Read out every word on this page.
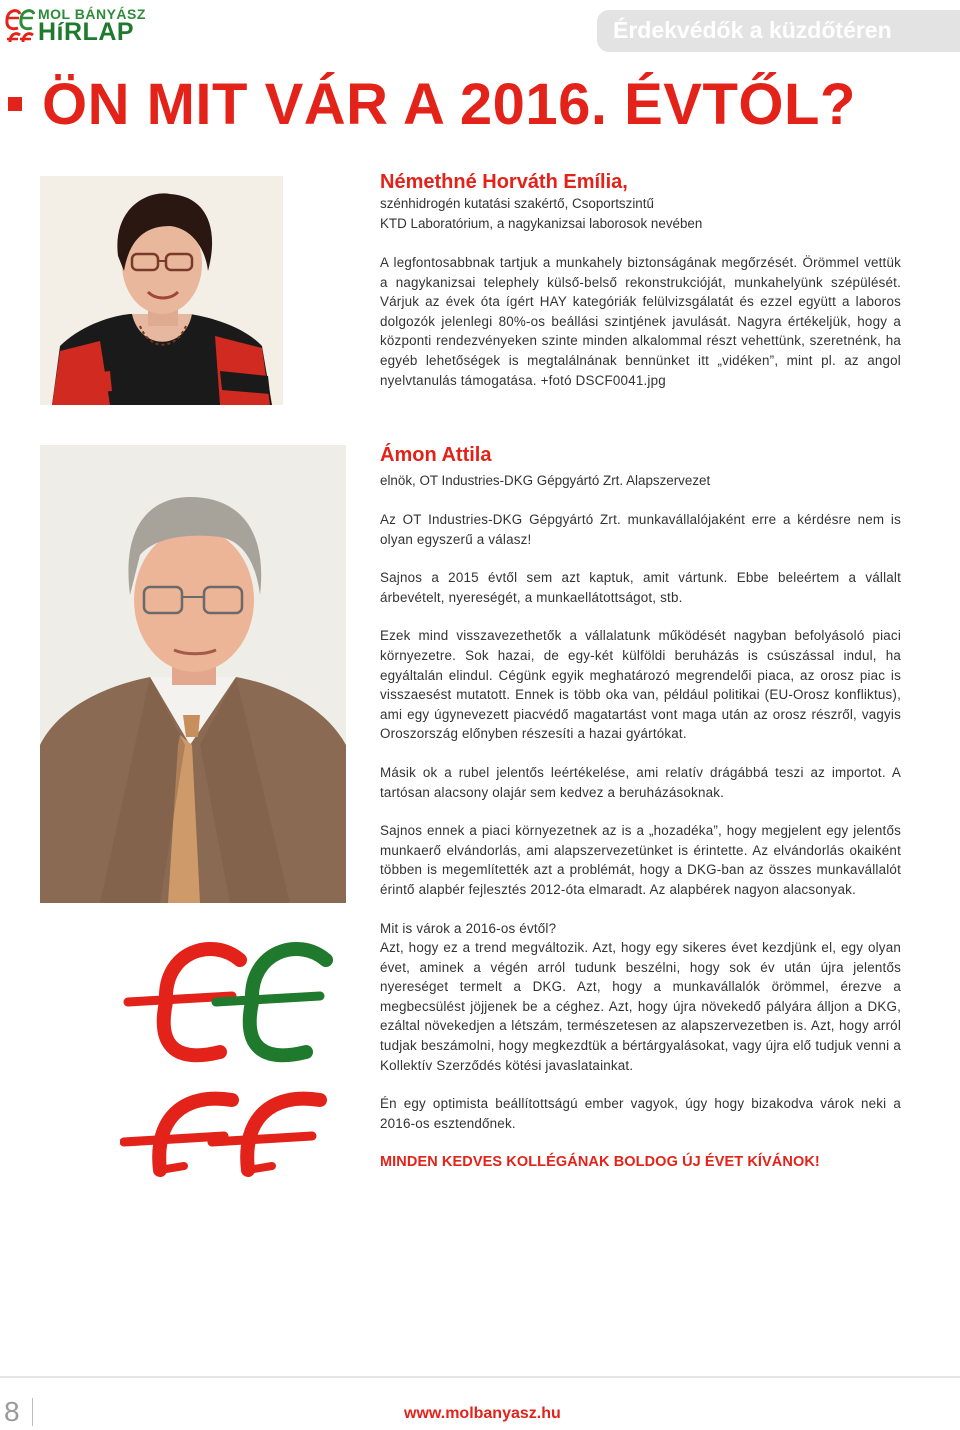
MOL BÁNYÁSZ
HíRLAP	Érdekvédők a küzdőtéren
ÖN MIT VÁR A 2016. ÉVTŐL?
Némethné Horváth Emília,
szénhidrogén kutatási szakértő, Csoportszintű
KTD Laboratórium, a nagykanizsai laborosok nevében

A legfontosabbnak tartjuk a munkahely biztonságának megőrzését. Örömmel vettük a nagykanizsai telephely külső-belső rekonstrukcióját, munkahelyünk szépülését. Várjuk az évek óta ígért HAY kategóriák felülvizsgálatát és ezzel együtt a laboros dolgozók jelenlegi 80%-os beállási szintjének javulását. Nagyra értékeljük, hogy a központi rendezvényeken szinte minden alkalommal részt vehettünk, szeretnénk, ha egyéb lehetőségek is megtalálnának bennünket itt „vidéken”, mint pl. az angol nyelvtanulás támogatása. +fotó DSCF0041.jpg

Ámon Attila
elnök, OT Industries-DKG Gépgyártó Zrt. Alapszervezet

Az OT Industries-DKG Gépgyártó Zrt. munkavállalójaként erre a kérdésre nem is olyan egyszerű a válasz!

Sajnos a 2015 évtől sem azt kaptuk, amit vártunk. Ebbe beleértem a vállalt árbevételt, nyereségét, a munkaellátottságot, stb.

Ezek mind visszavezethetők a vállalatunk működését nagyban befolyásoló piaci környezetre. Sok hazai, de egy-két külföldi beruházás is csúszással indul, ha egyáltalán elindul. Cégünk egyik meghatározó megrendelői piaca, az orosz piac is visszaesést mutatott. Ennek is több oka van, például politikai (EU-Orosz konfliktus), ami egy úgynevezett piacvédő magatartást vont maga után az orosz részről, vagyis Oroszország előnyben részesíti a hazai gyártókat.

Másik ok a rubel jelentős leértékelése, ami relatív drágábbá teszi az importot. A tartósan alacsony olajár sem kedvez a beruházásoknak.

Sajnos ennek a piaci környezetnek az is a „hozadéka”, hogy megjelent egy jelentős munkaerő elvándorlás, ami alapszervezetünket is érintette. Az elvándorlás okaiként többen is megemlítették azt a problémát, hogy a DKG-ban az összes munkavállalót érintő alapbér fejlesztés 2012-óta elmaradt. Az alapbérek nagyon alacsonyak.

Mit is várok a 2016-os évtől?
Azt, hogy ez a trend megváltozik. Azt, hogy egy sikeres évet kezdjünk el, egy olyan évet, aminek a végén arról tudunk beszélni, hogy sok év után újra jelentős nyereséget termelt a DKG. Azt, hogy a munkavállalók örömmel, érezve a megbecsülést jöjjenek be a céghez. Azt, hogy újra növekedő pályára álljon a DKG, ezáltal növekedjen a létszám, természetesen az alapszervezetben is. Azt, hogy arról tudjak beszámolni, hogy megkezdtük a bértárgyalásokat, vagy újra elő tudjuk venni a Kollektív Szerződés kötési javaslatainkat.

Én egy optimista beállítottságú ember vagyok, úgy hogy bizakodva várok neki a 2016-os esztendőnek.

MINDEN KEDVES KOLLÉGÁNAK BOLDOG ÚJ ÉVET KÍVÁNOK!

8	www.molbanyasz.hu
